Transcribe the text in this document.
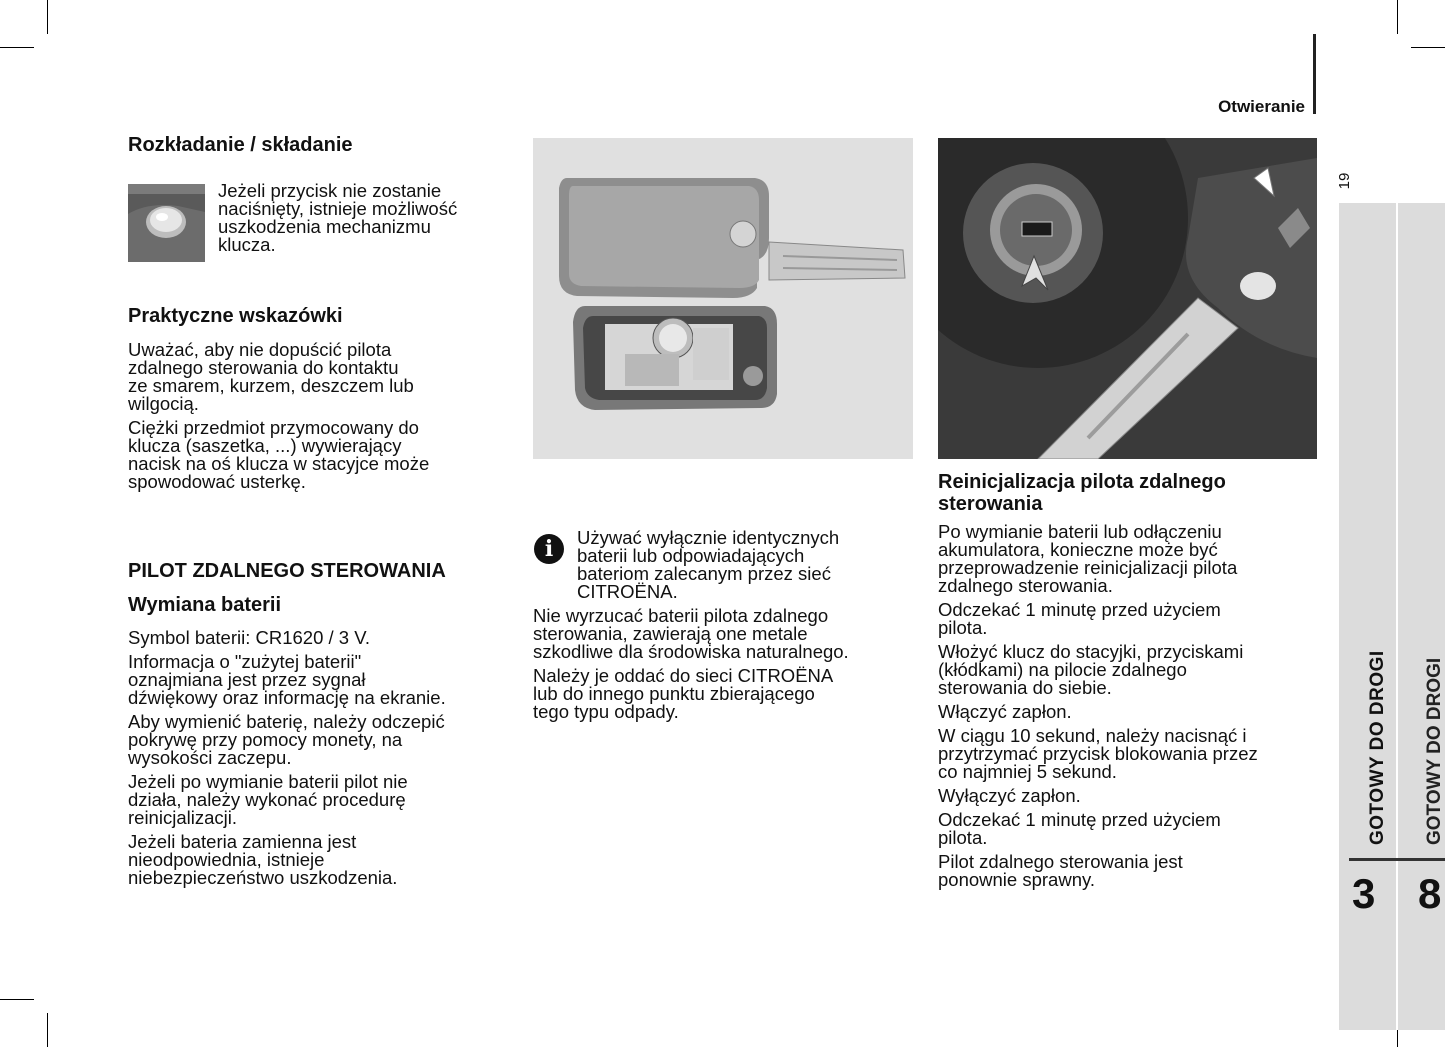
Otwieranie
19
GOTOWY DO DROGI GOTOWY DO DROGI
3 8
Rozkładanie / składanie
Jeżeli przycisk nie zostanie
naciśnięty, istnieje możliwość
uszkodzenia mechanizmu
klucza.
Praktyczne wskazówki
Uważać, aby nie dopuścić pilota
zdalnego sterowania do kontaktu
ze smarem, kurzem, deszczem lub
wilgocią.
Ciężki przedmiot przymocowany do
klucza (saszetka, ...) wywierający
nacisk na oś klucza w stacyjce może
spowodować usterkę.
PILOT ZDALNEGO STEROWANIA
Wymiana baterii
Symbol baterii: CR1620 / 3 V.
Informacja o "zużytej baterii"
oznajmiana jest przez sygnał
dźwiękowy oraz informację na ekranie.
Aby wymienić baterię, należy odczepić
pokrywę przy pomocy monety, na
wysokości zaczepu.
Jeżeli po wymianie baterii pilot nie
działa, należy wykonać procedurę
reinicjalizacji.
Jeżeli bateria zamienna jest
nieodpowiednia, istnieje
niebezpieczeństwo uszkodzenia.
i	Używać wyłącznie identycznych
baterii lub odpowiadających
bateriom zalecanym przez sieć
CITROËNA.
Nie wyrzucać baterii pilota zdalnego
sterowania, zawierają one metale
szkodliwe dla środowiska naturalnego.
Należy je oddać do sieci CITROËNA
lub do innego punktu zbierającego
tego typu odpady.
Reinicjalizacja pilota zdalnego
sterowania
Po wymianie baterii lub odłączeniu
akumulatora, konieczne może być
przeprowadzenie reinicjalizacji pilota
zdalnego sterowania.
Odczekać 1 minutę przed użyciem
pilota.
Włożyć klucz do stacyjki, przyciskami
(kłódkami) na pilocie zdalnego
sterowania do siebie.
Włączyć zapłon.
W ciągu 10 sekund, należy nacisnąć i
przytrzymać przycisk blokowania przez
co najmniej 5 sekund.
Wyłączyć zapłon.
Odczekać 1 minutę przed użyciem
pilota.
Pilot zdalnego sterowania jest
ponownie sprawny.
